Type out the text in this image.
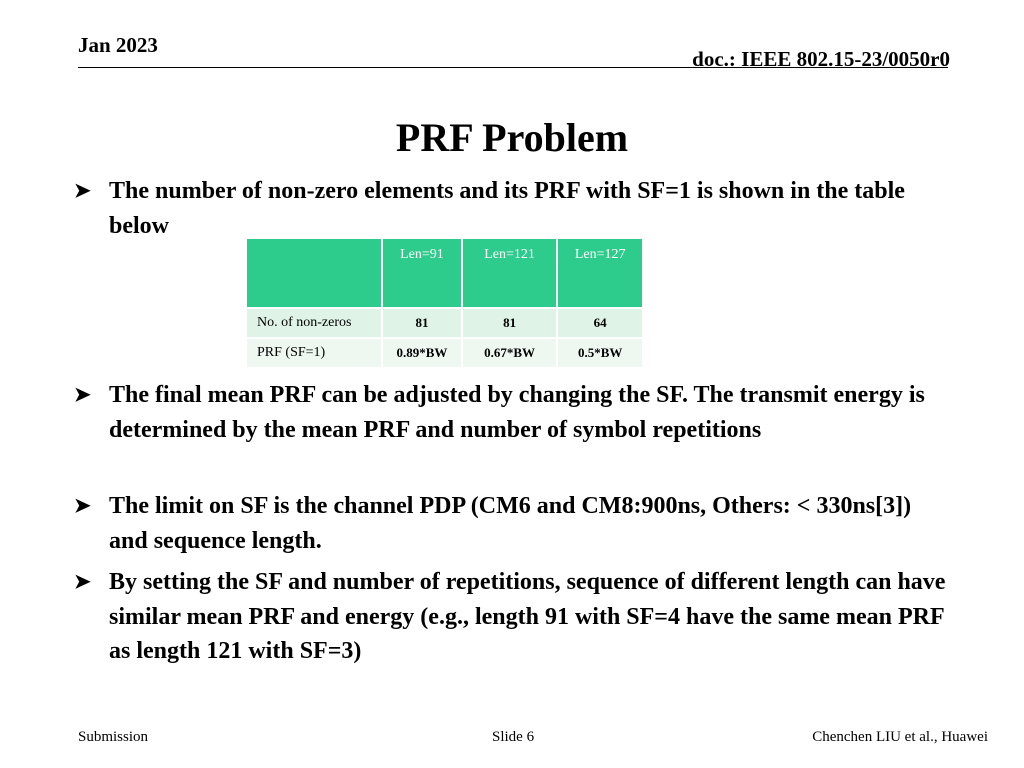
Jan 2023
doc.: IEEE 802.15-23/0050r0
PRF Problem
➤ The number of non-zero elements and its PRF with SF=1 is shown in the table below
	Len=91	Len=121	Len=127
No. of non-zeros	81	81	64
PRF (SF=1)	0.89*BW	0.67*BW	0.5*BW
➤ The final mean PRF can be adjusted by changing the SF. The transmit energy is determined by the mean PRF and number of symbol repetitions
➤ The limit on SF is the channel PDP (CM6 and CM8:900ns, Others: < 330ns[3]) and sequence length.
➤ By setting the SF and number of repetitions, sequence of different length can have similar mean PRF and energy (e.g., length 91 with SF=4 have the same mean PRF as length 121 with SF=3)
Submission	Slide 6	Chenchen LIU et al., Huawei
